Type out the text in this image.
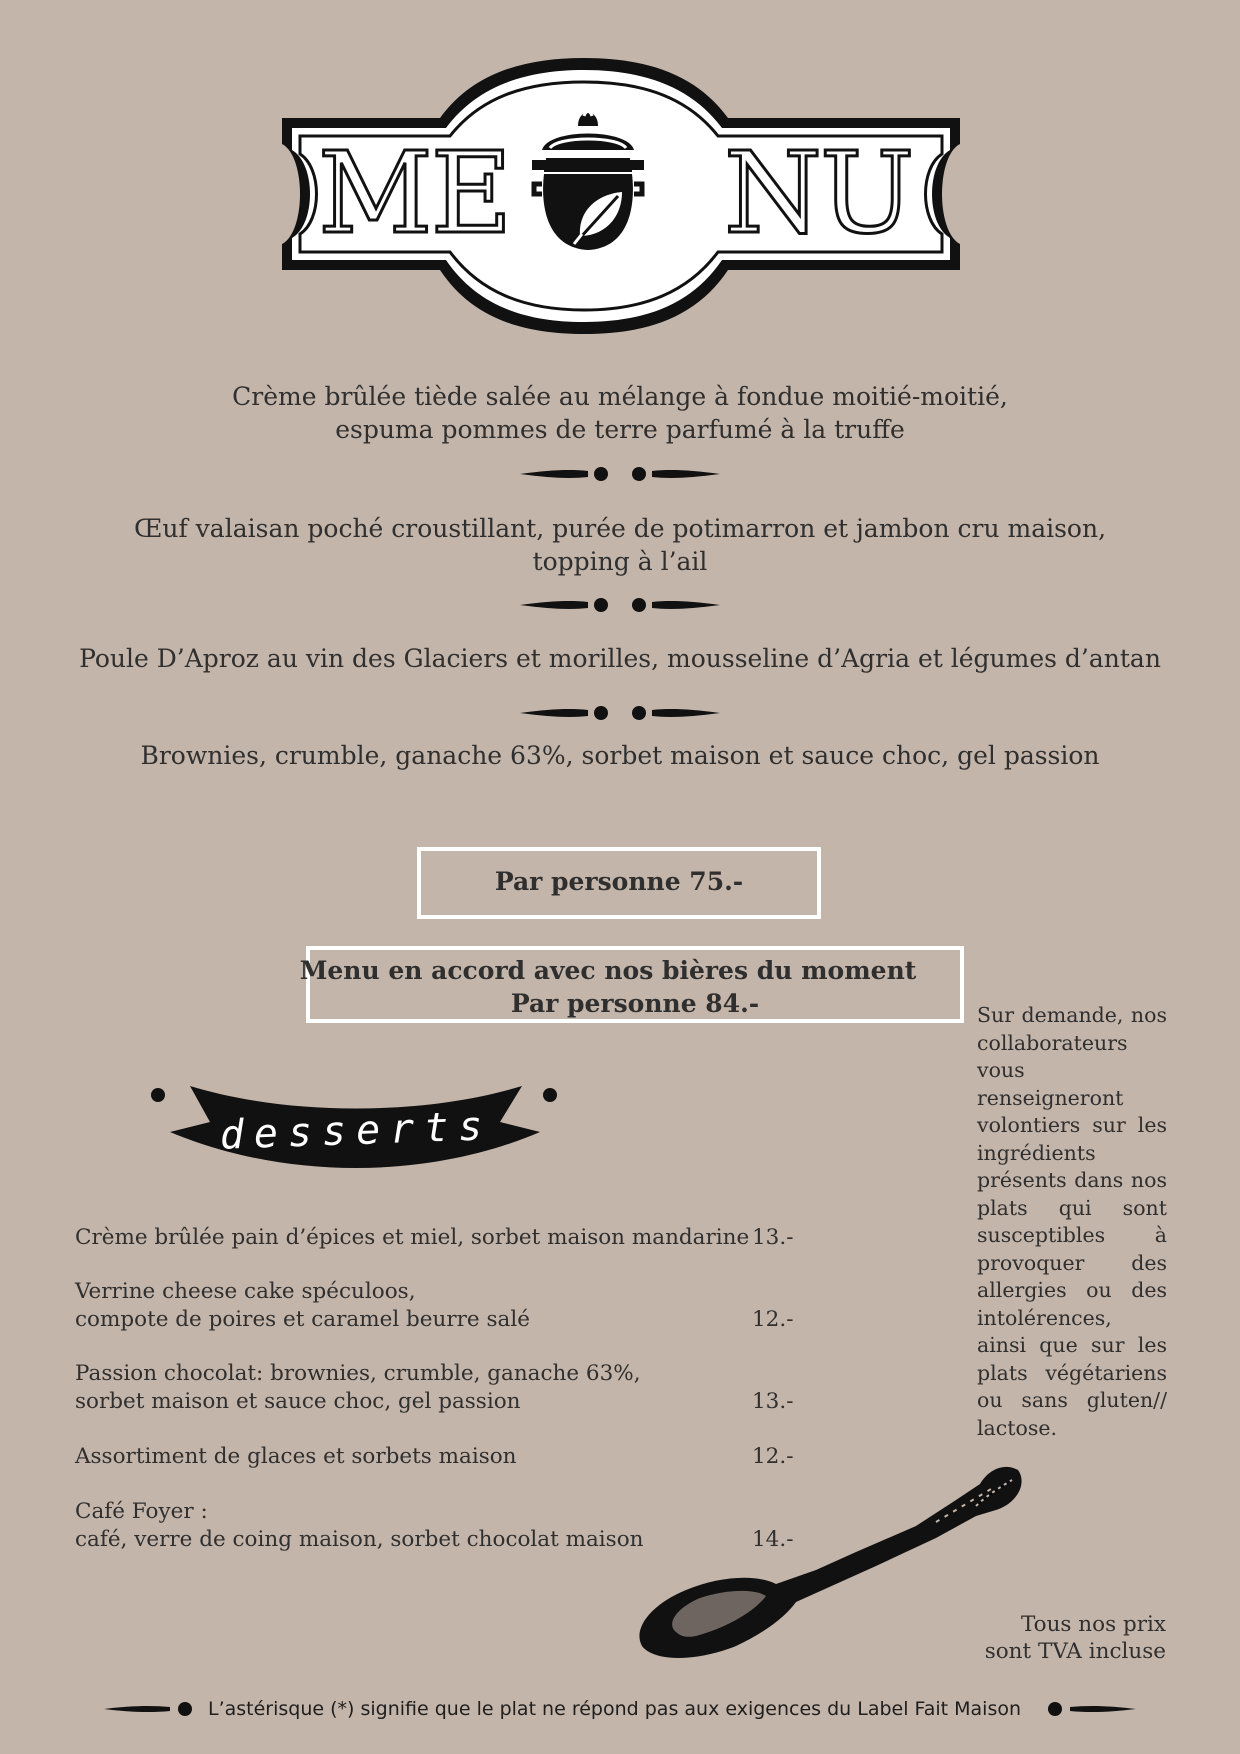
ME NU
Crème brûlée tiède salée au mélange à fondue moitié-moitié,
espuma pommes de terre parfumé à la truffe
Œuf valaisan poché croustillant, purée de potimarron et jambon cru maison,
topping à l’ail
Poule D’Aproz au vin des Glaciers et morilles, mousseline d’Agria et légumes d’antan
Brownies, crumble, ganache 63%, sorbet maison et sauce choc, gel passion
Par personne 75.-
Menu en accord avec nos bières du moment
Par personne 84.-	Sur demande, nos collaborateurs vous renseigneront volontiers sur les ingrédients présents dans nos plats qui sont susceptibles à provoquer des allergies ou des intolérences, ainsi que sur les plats végétariens ou sans gluten// lactose.
desserts
Crème brûlée pain d’épices et miel, sorbet maison mandarine 13.-
Verrine cheese cake spéculoos,
compote de poires et caramel beurre salé	12.-
Passion chocolat: brownies, crumble, ganache 63%,
sorbet maison et sauce choc, gel passion	13.-
Assortiment de glaces et sorbets maison	12.-
Café Foyer :
café, verre de coing maison, sorbet chocolat maison	14.-
Tous nos prix
sont TVA incluse
L’astérisque (*) signifie que le plat ne répond pas aux exigences du Label Fait Maison
